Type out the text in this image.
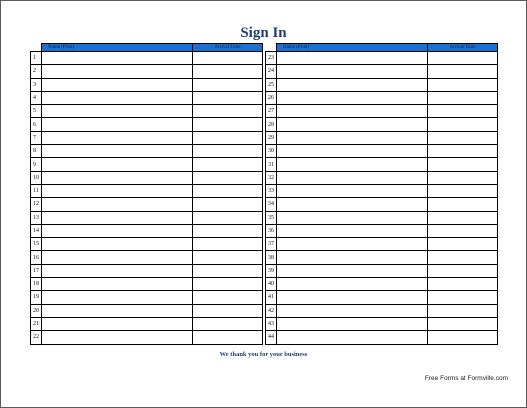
Sign In
	Name (Print)	Arrival Time
1		
2		
3		
4		
5		
6		
7		
8		
9		
10		
11		
12		
13		
14		
15		
16		
17		
18		
19		
20		
21		
22		
	Name (Print)	Arrival Time
23		
24		
25		
26		
27		
28		
29		
30		
31		
32		
33		
34		
35		
36		
37		
38		
39		
40		
41		
42		
43		
44		
We thank you for your business
Free Forms at Formville.com
